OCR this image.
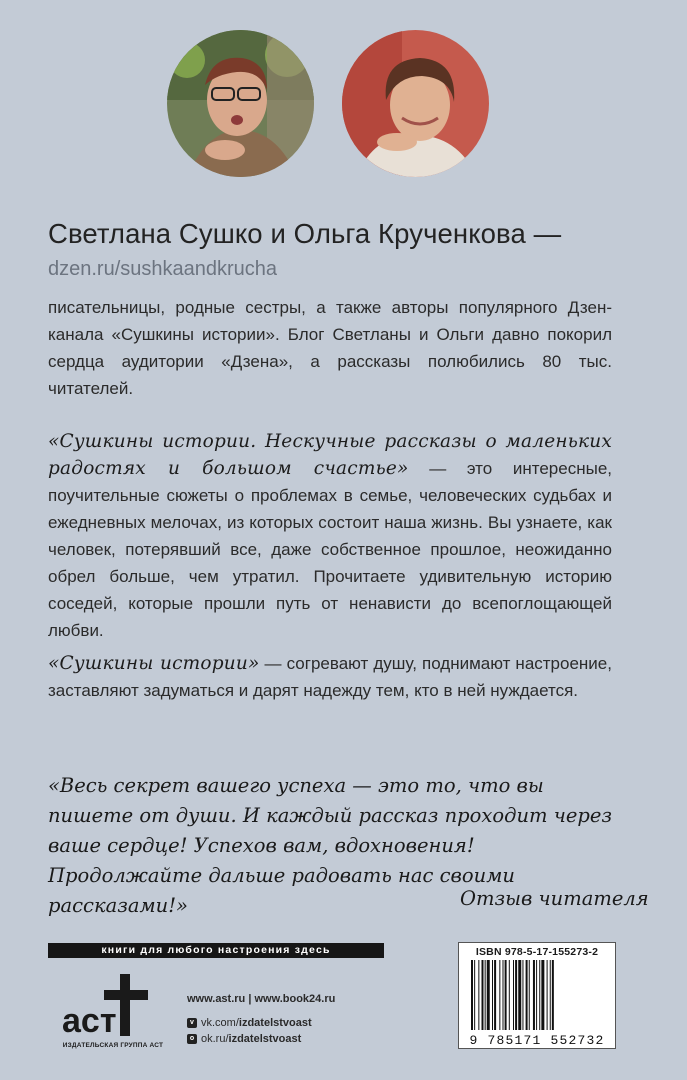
Светлана Сушко и Ольга Крученкова —
dzen.ru/sushkaandkrucha

писательницы, родные сестры, а также авторы популярного Дзен-канала «Сушкины истории». Блог Светланы и Ольги давно покорил сердца аудитории «Дзена», а рассказы полюбились 80 тыс. читателей.

«Сушкины истории. Нескучные рассказы о маленьких радостях и большом счастье» — это интересные, поучительные сюжеты о проблемах в семье, человеческих судьбах и ежедневных мелочах, из которых состоит наша жизнь. Вы узнаете, как человек, потерявший все, даже собственное прошлое, неожиданно обрел больше, чем утратил. Прочитаете удивительную историю соседей, которые прошли путь от ненависти до всепоглощающей любви.

«Сушкины истории» — согревают душу, поднимают настроение, заставляют задуматься и дарят надежду тем, кто в ней нуждается.

«Весь секрет вашего успеха — это то, что вы пишете от души. И каждый рассказ проходит через ваше сердце! Успехов вам, вдохновения! Продолжайте дальше радовать нас своими рассказами!»	Отзыв читателя
книги для любого настроения здесь
аст
ИЗДАТЕЛЬСКАЯ ГРУППА АСТ
www.ast.ru | www.book24.ru
v vk.com/ izdatelstvoast
o ok.ru/ izdatelstvoast
ISBN 978-5-17-155273-2
9 785171 552732
